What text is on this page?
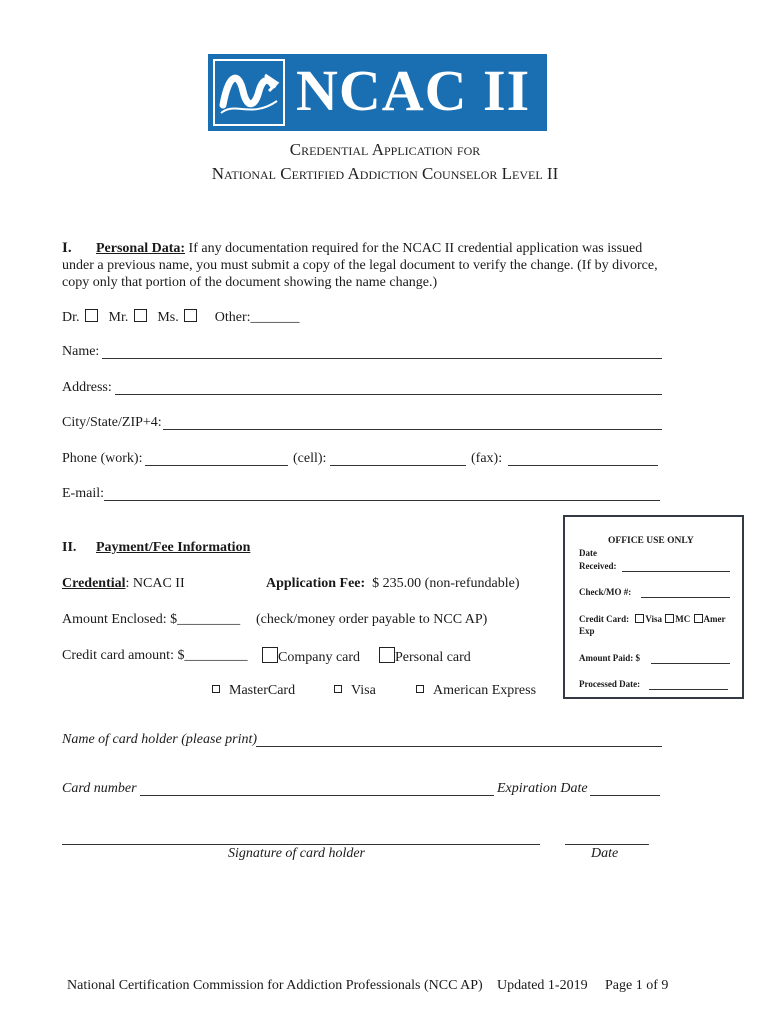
NCAC II
Credential Application for
National Certified Addiction Counselor Level II
I.	Personal Data: If any documentation required for the NCAC II credential application was issued under a previous name, you must submit a copy of the legal document to verify the change. (If by divorce, copy only that portion of the document showing the name change.)
Dr. Mr. Ms.	Other:_______
Name:
Address:
City/State/ZIP+4:
Phone (work):	(cell):	(fax):
E-mail:
II. Payment/Fee Information
Credential: NCAC II	Application Fee: $ 235.00 (non-refundable)
Amount Enclosed: $_________ (check/money order payable to NCC AP)
Credit card amount: $_________	Company card	Personal card
MasterCard	Visa	American Express
Name of card holder (please print)
Card number	Expiration Date
Signature of card holder	Date
OFFICE USE ONLY
Date
Received:
Check/MO #:
Credit Card: Visa MC Amer
Exp
Amount Paid: $
Processed Date:
National Certification Commission for Addiction Professionals (NCC AP) Updated 1-2019 Page 1 of 9
